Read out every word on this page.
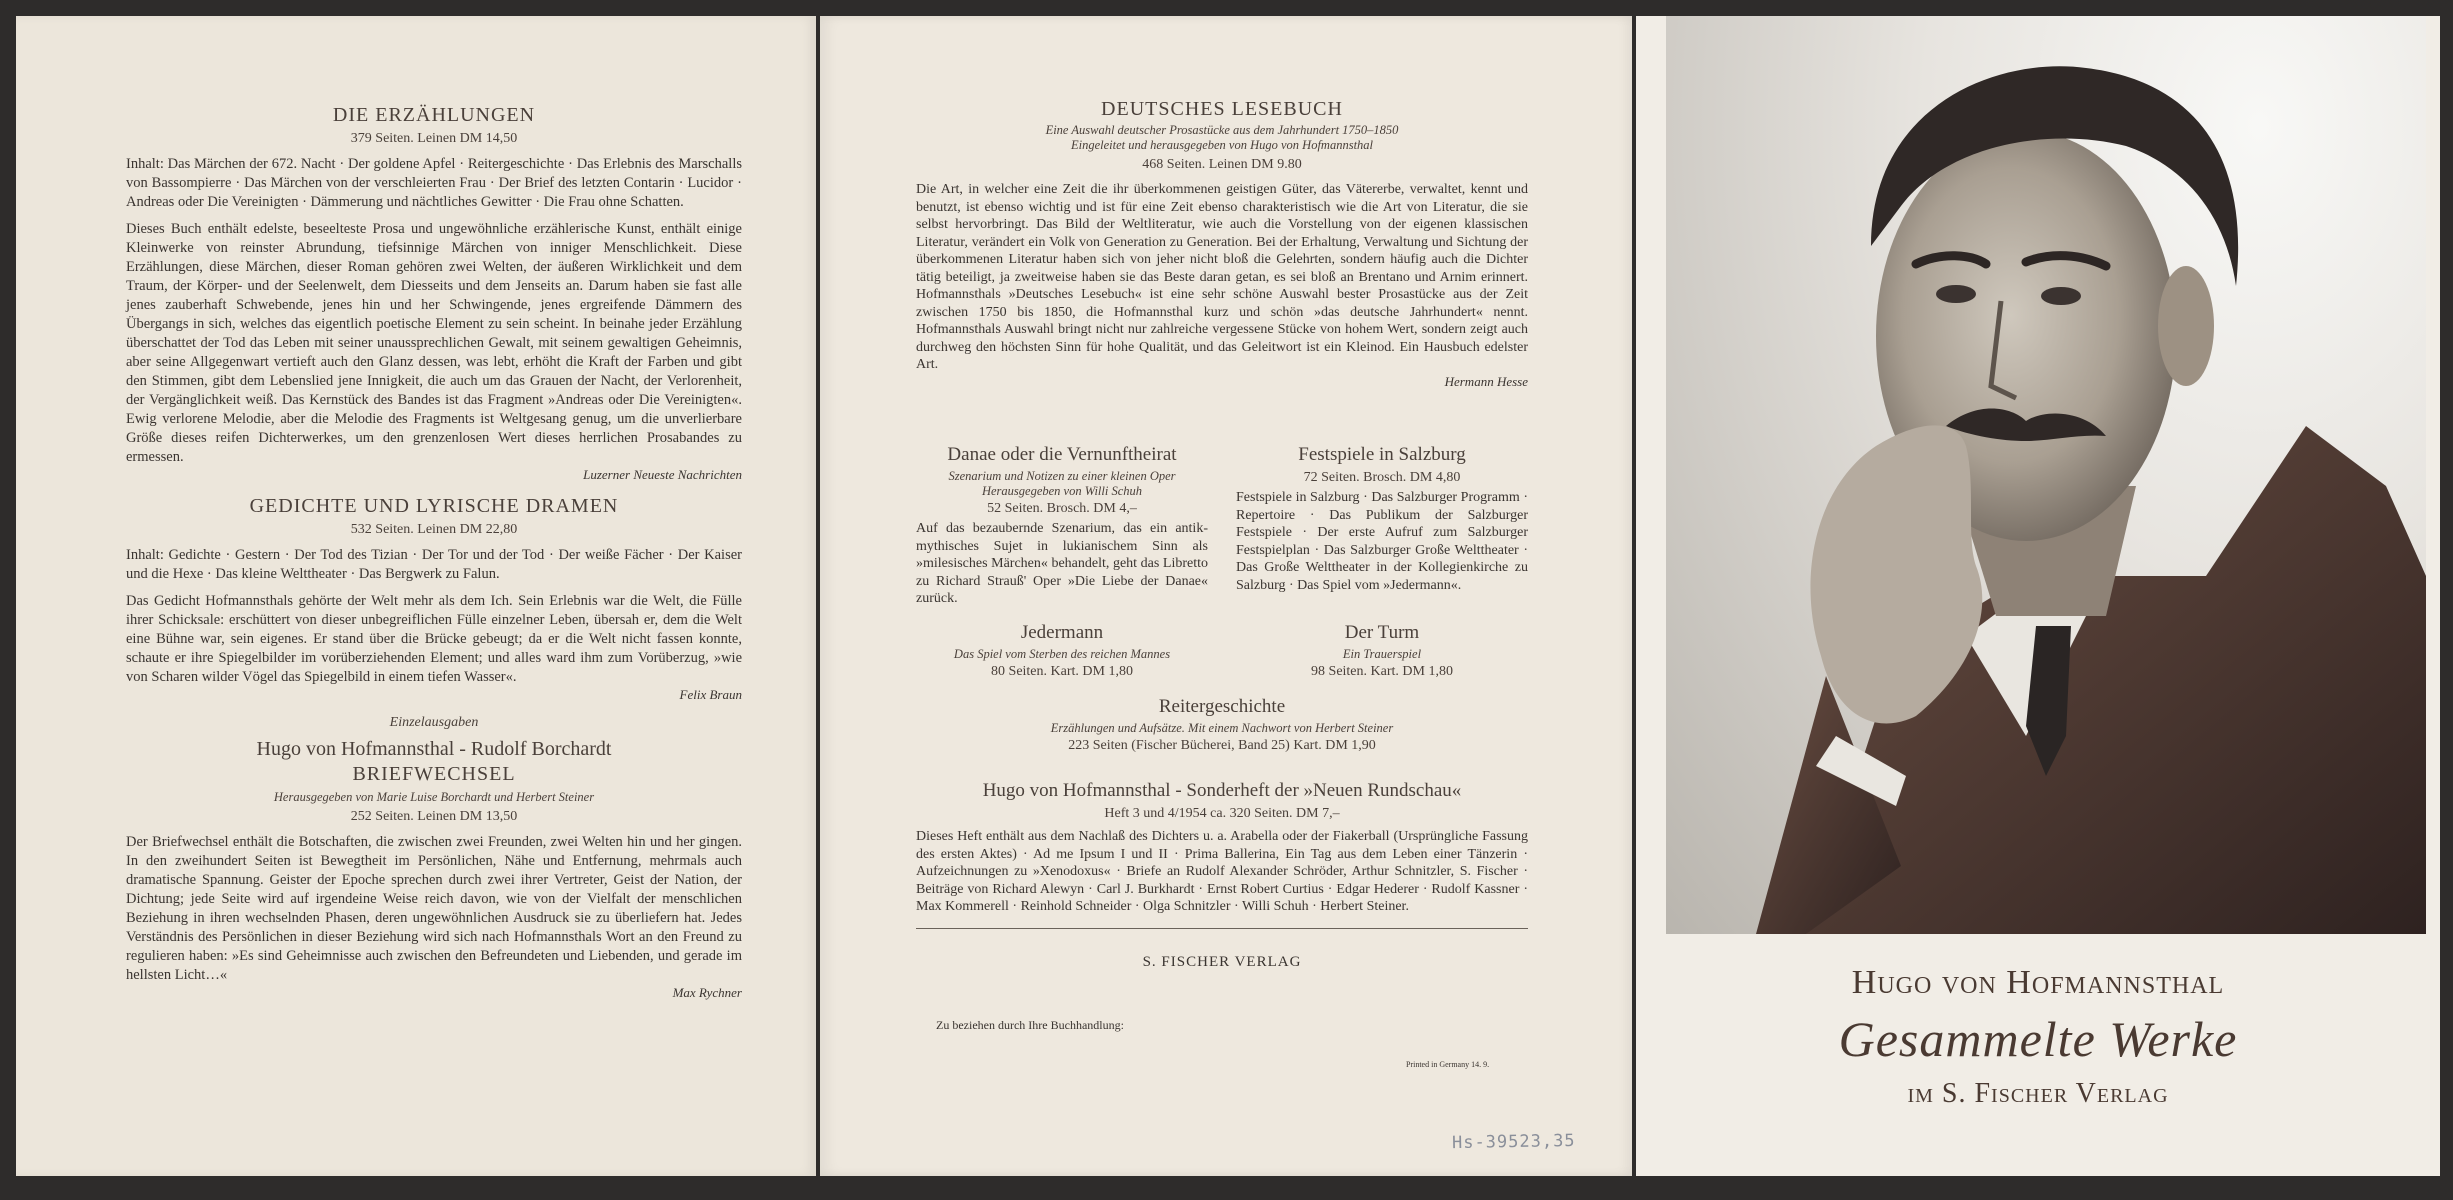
DIE ERZÄHLUNGEN
379 Seiten. Leinen DM 14,50

Inhalt: Das Märchen der 672. Nacht · Der goldene Apfel · Reitergeschichte · Das Erlebnis des Marschalls von Bassompierre · Das Märchen von der verschleierten Frau · Der Brief des letzten Contarin · Lucidor · Andreas oder Die Vereinigten · Dämmerung und nächtliches Gewitter · Die Frau ohne Schatten.

Dieses Buch enthält edelste, beseelteste Prosa und ungewöhnliche erzählerische Kunst, enthält einige Kleinwerke von reinster Abrundung, tiefsinnige Märchen von inniger Menschlichkeit. Diese Erzählungen, diese Märchen, dieser Roman gehören zwei Welten, der äußeren Wirklichkeit und dem Traum, der Körper- und der Seelenwelt, dem Diesseits und dem Jenseits an. Darum haben sie fast alle jenes zauberhaft Schwebende, jenes hin und her Schwingende, jenes ergreifende Dämmern des Übergangs in sich, welches das eigentlich poetische Element zu sein scheint. In beinahe jeder Erzählung überschattet der Tod das Leben mit seiner unaussprechlichen Gewalt, mit seinem gewaltigen Geheimnis, aber seine Allgegenwart vertieft auch den Glanz dessen, was lebt, erhöht die Kraft der Farben und gibt den Stimmen, gibt dem Lebenslied jene Innigkeit, die auch um das Grauen der Nacht, der Verlorenheit, der Vergänglichkeit weiß. Das Kernstück des Bandes ist das Fragment »Andreas oder Die Vereinigten«. Ewig verlorene Melodie, aber die Melodie des Fragments ist Weltgesang genug, um die unverlierbare Größe dieses reifen Dichterwerkes, um den grenzenlosen Wert dieses herrlichen Prosabandes zu ermessen.

Luzerner Neueste Nachrichten
GEDICHTE UND LYRISCHE DRAMEN
532 Seiten. Leinen DM 22,80

Inhalt: Gedichte · Gestern · Der Tod des Tizian · Der Tor und der Tod · Der weiße Fächer · Der Kaiser und die Hexe · Das kleine Welttheater · Das Bergwerk zu Falun.

Das Gedicht Hofmannsthals gehörte der Welt mehr als dem Ich. Sein Erlebnis war die Welt, die Fülle ihrer Schicksale: erschüttert von dieser unbegreiflichen Fülle einzelner Leben, übersah er, dem die Welt eine Bühne war, sein eigenes. Er stand über die Brücke gebeugt; da er die Welt nicht fassen konnte, schaute er ihre Spiegelbilder im vorüberziehenden Element; und alles ward ihm zum Vorüberzug, »wie von Scharen wilder Vögel das Spiegelbild in einem tiefen Wasser«.

Felix Braun
Einzelausgaben
Hugo von Hofmannsthal - Rudolf Borchardt
BRIEFWECHSEL
Herausgegeben von Marie Luise Borchardt und Herbert Steiner
252 Seiten. Leinen DM 13,50

Der Briefwechsel enthält die Botschaften, die zwischen zwei Freunden, zwei Welten hin und her gingen. In den zweihundert Seiten ist Bewegtheit im Persönlichen, Nähe und Entfernung, mehrmals auch dramatische Spannung. Geister der Epoche sprechen durch zwei ihrer Vertreter, Geist der Nation, der Dichtung; jede Seite wird auf irgendeine Weise reich davon, wie von der Vielfalt der menschlichen Beziehung in ihren wechselnden Phasen, deren ungewöhnlichen Ausdruck sie zu überliefern hat. Jedes Verständnis des Persönlichen in dieser Beziehung wird sich nach Hofmannsthals Wort an den Freund zu regulieren haben: »Es sind Geheimnisse auch zwischen den Befreundeten und Liebenden, und gerade im hellsten Licht…«

Max Rychner
DEUTSCHES LESEBUCH
Eine Auswahl deutscher Prosastücke aus dem Jahrhundert 1750–1850
Eingeleitet und herausgegeben von Hugo von Hofmannsthal
468 Seiten. Leinen DM 9.80

Die Art, in welcher eine Zeit die ihr überkommenen geistigen Güter, das Vätererbe, verwaltet, kennt und benutzt, ist ebenso wichtig und ist für eine Zeit ebenso charakteristisch wie die Art von Literatur, die sie selbst hervorbringt. Das Bild der Weltliteratur, wie auch die Vorstellung von der eigenen klassischen Literatur, verändert ein Volk von Generation zu Generation. Bei der Erhaltung, Verwaltung und Sichtung der überkommenen Literatur haben sich von jeher nicht bloß die Gelehrten, sondern häufig auch die Dichter tätig beteiligt, ja zweitweise haben sie das Beste daran getan, es sei bloß an Brentano und Arnim erinnert. Hofmannsthals »Deutsches Lesebuch« ist eine sehr schöne Auswahl bester Prosastücke aus der Zeit zwischen 1750 bis 1850, die Hofmannsthal kurz und schön »das deutsche Jahrhundert« nennt. Hofmannsthals Auswahl bringt nicht nur zahlreiche vergessene Stücke von hohem Wert, sondern zeigt auch durchweg den höchsten Sinn für hohe Qualität, und das Geleitwort ist ein Kleinod. Ein Hausbuch edelster Art.

Hermann Hesse
Danae oder die Vernunftheirat
Szenarium und Notizen zu einer kleinen Oper
Herausgegeben von Willi Schuh
52 Seiten. Brosch. DM 4,–

Auf das bezaubernde Szenarium, das ein antik-mythisches Sujet in lukianischem Sinn als »milesisches Märchen« behandelt, geht das Libretto zu Richard Strauß' Oper »Die Liebe der Danae« zurück.

Festspiele in Salzburg
72 Seiten. Brosch. DM 4,80

Festspiele in Salzburg · Das Salzburger Programm · Repertoire · Das Publikum der Salzburger Festspiele · Der erste Aufruf zum Salzburger Festspielplan · Das Salzburger Große Welttheater · Das Große Welttheater in der Kollegienkirche zu Salzburg · Das Spiel vom »Jedermann«.

Jedermann
Das Spiel vom Sterben des reichen Mannes
80 Seiten. Kart. DM 1,80
Der Turm
Ein Trauerspiel
98 Seiten. Kart. DM 1,80
Reitergeschichte
Erzählungen und Aufsätze. Mit einem Nachwort von Herbert Steiner
223 Seiten (Fischer Bücherei, Band 25) Kart. DM 1,90
Hugo von Hofmannsthal - Sonderheft der »Neuen Rundschau«
Heft 3 und 4/1954 ca. 320 Seiten. DM 7,–

Dieses Heft enthält aus dem Nachlaß des Dichters u. a. Arabella oder der Fiakerball (Ursprüngliche Fassung des ersten Aktes) · Ad me Ipsum I und II · Prima Ballerina, Ein Tag aus dem Leben einer Tänzerin · Aufzeichnungen zu »Xenodoxus« · Briefe an Rudolf Alexander Schröder, Arthur Schnitzler, S. Fischer · Beiträge von Richard Alewyn · Carl J. Burkhardt · Ernst Robert Curtius · Edgar Hederer · Rudolf Kassner · Max Kommerell · Reinhold Schneider · Olga Schnitzler · Willi Schuh · Herbert Steiner.

S. FISCHER VERLAG
Zu beziehen durch Ihre Buchhandlung:
Printed in Germany 14. 9.
Hs-39523,35
Hugo von Hofmannsthal
Gesammelte Werke
im S. Fischer Verlag
